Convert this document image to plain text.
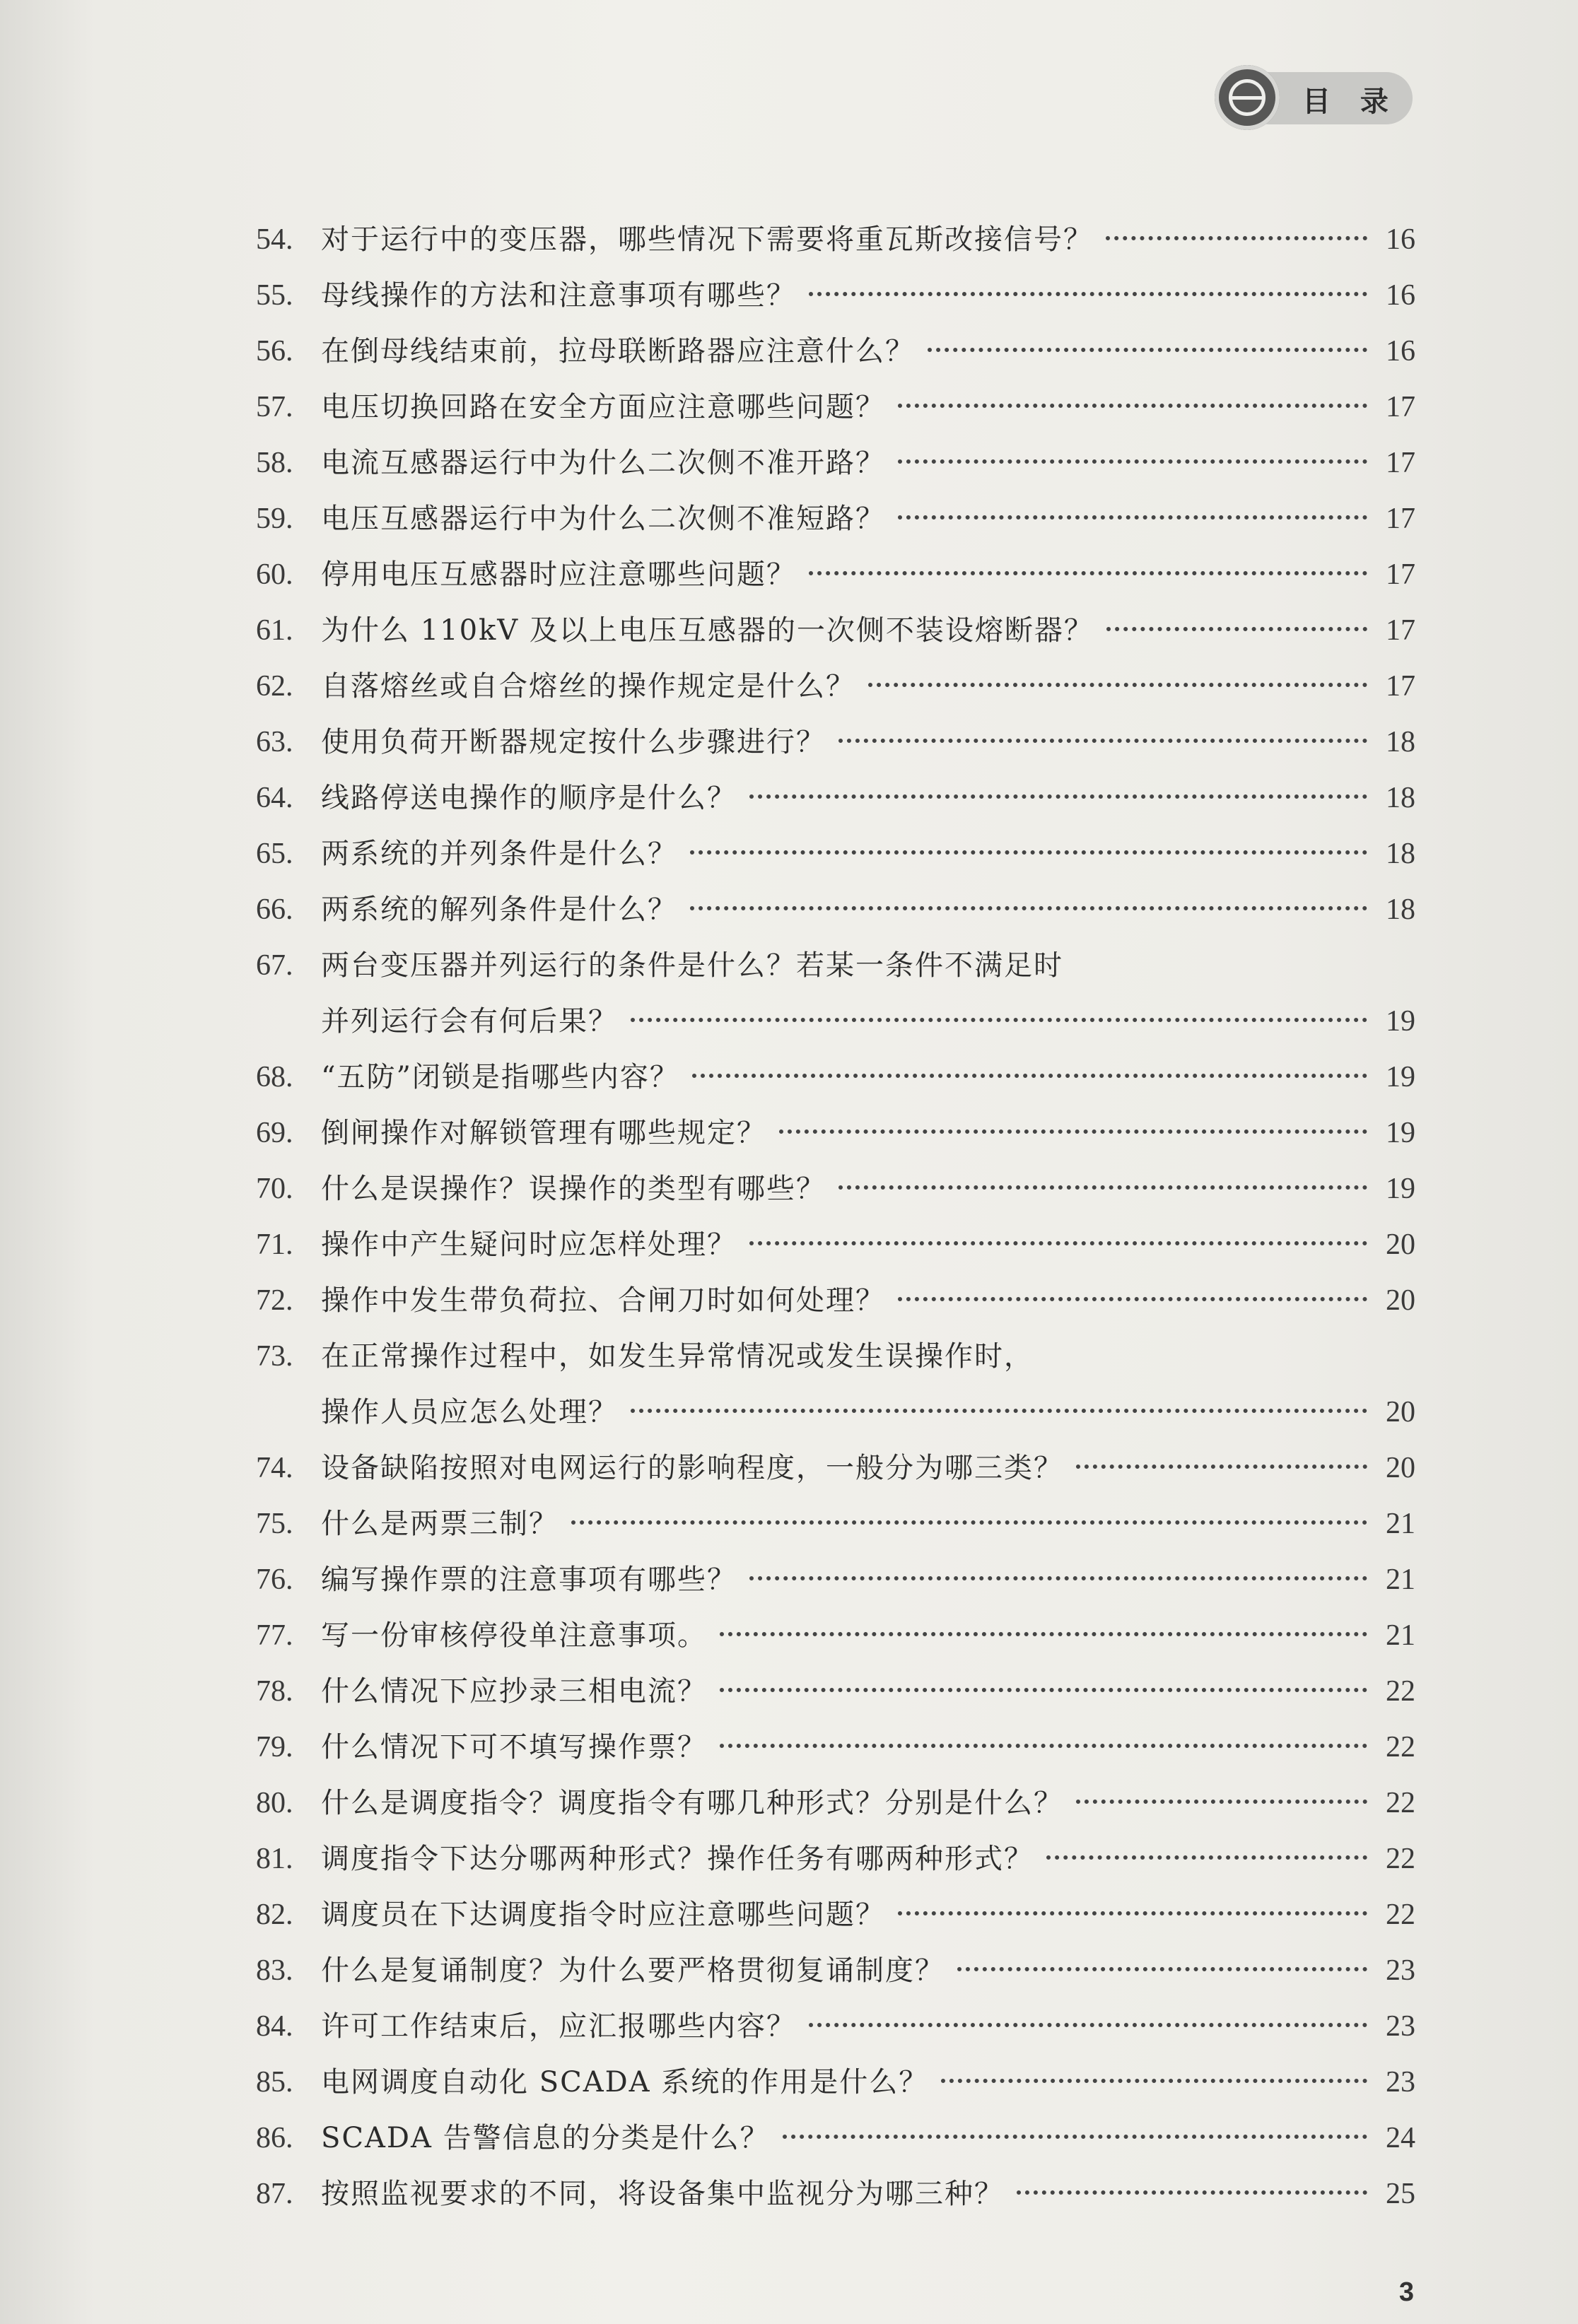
目 录
54. 对于运行中的变压器，哪些情况下需要将重瓦斯改接信号？	16
55. 母线操作的方法和注意事项有哪些？	16
56. 在倒母线结束前，拉母联断路器应注意什么？	16
57. 电压切换回路在安全方面应注意哪些问题？	17
58. 电流互感器运行中为什么二次侧不准开路？	17
59. 电压互感器运行中为什么二次侧不准短路？	17
60. 停用电压互感器时应注意哪些问题？	17
61. 为什么 110kV 及以上电压互感器的一次侧不装设熔断器？	17
62. 自落熔丝或自合熔丝的操作规定是什么？	17
63. 使用负荷开断器规定按什么步骤进行？	18
64. 线路停送电操作的顺序是什么？	18
65. 两系统的并列条件是什么？	18
66. 两系统的解列条件是什么？	18
67. 两台变压器并列运行的条件是什么？若某一条件不满足时
并列运行会有何后果？	19
68. “五防”闭锁是指哪些内容？	19
69. 倒闸操作对解锁管理有哪些规定？	19
70. 什么是误操作？误操作的类型有哪些？	19
71. 操作中产生疑问时应怎样处理？	20
72. 操作中发生带负荷拉、合闸刀时如何处理？	20
73. 在正常操作过程中，如发生异常情况或发生误操作时，
操作人员应怎么处理？	20
74. 设备缺陷按照对电网运行的影响程度，一般分为哪三类？	20
75. 什么是两票三制？	21
76. 编写操作票的注意事项有哪些？	21
77. 写一份审核停役单注意事项。	21
78. 什么情况下应抄录三相电流？	22
79. 什么情况下可不填写操作票？	22
80. 什么是调度指令？调度指令有哪几种形式？分别是什么？	22
81. 调度指令下达分哪两种形式？操作任务有哪两种形式？	22
82. 调度员在下达调度指令时应注意哪些问题？	22
83. 什么是复诵制度？为什么要严格贯彻复诵制度？	23
84. 许可工作结束后，应汇报哪些内容？	23
85. 电网调度自动化 SCADA 系统的作用是什么？	23
86. SCADA 告警信息的分类是什么？	24
87. 按照监视要求的不同，将设备集中监视分为哪三种？	25
3
